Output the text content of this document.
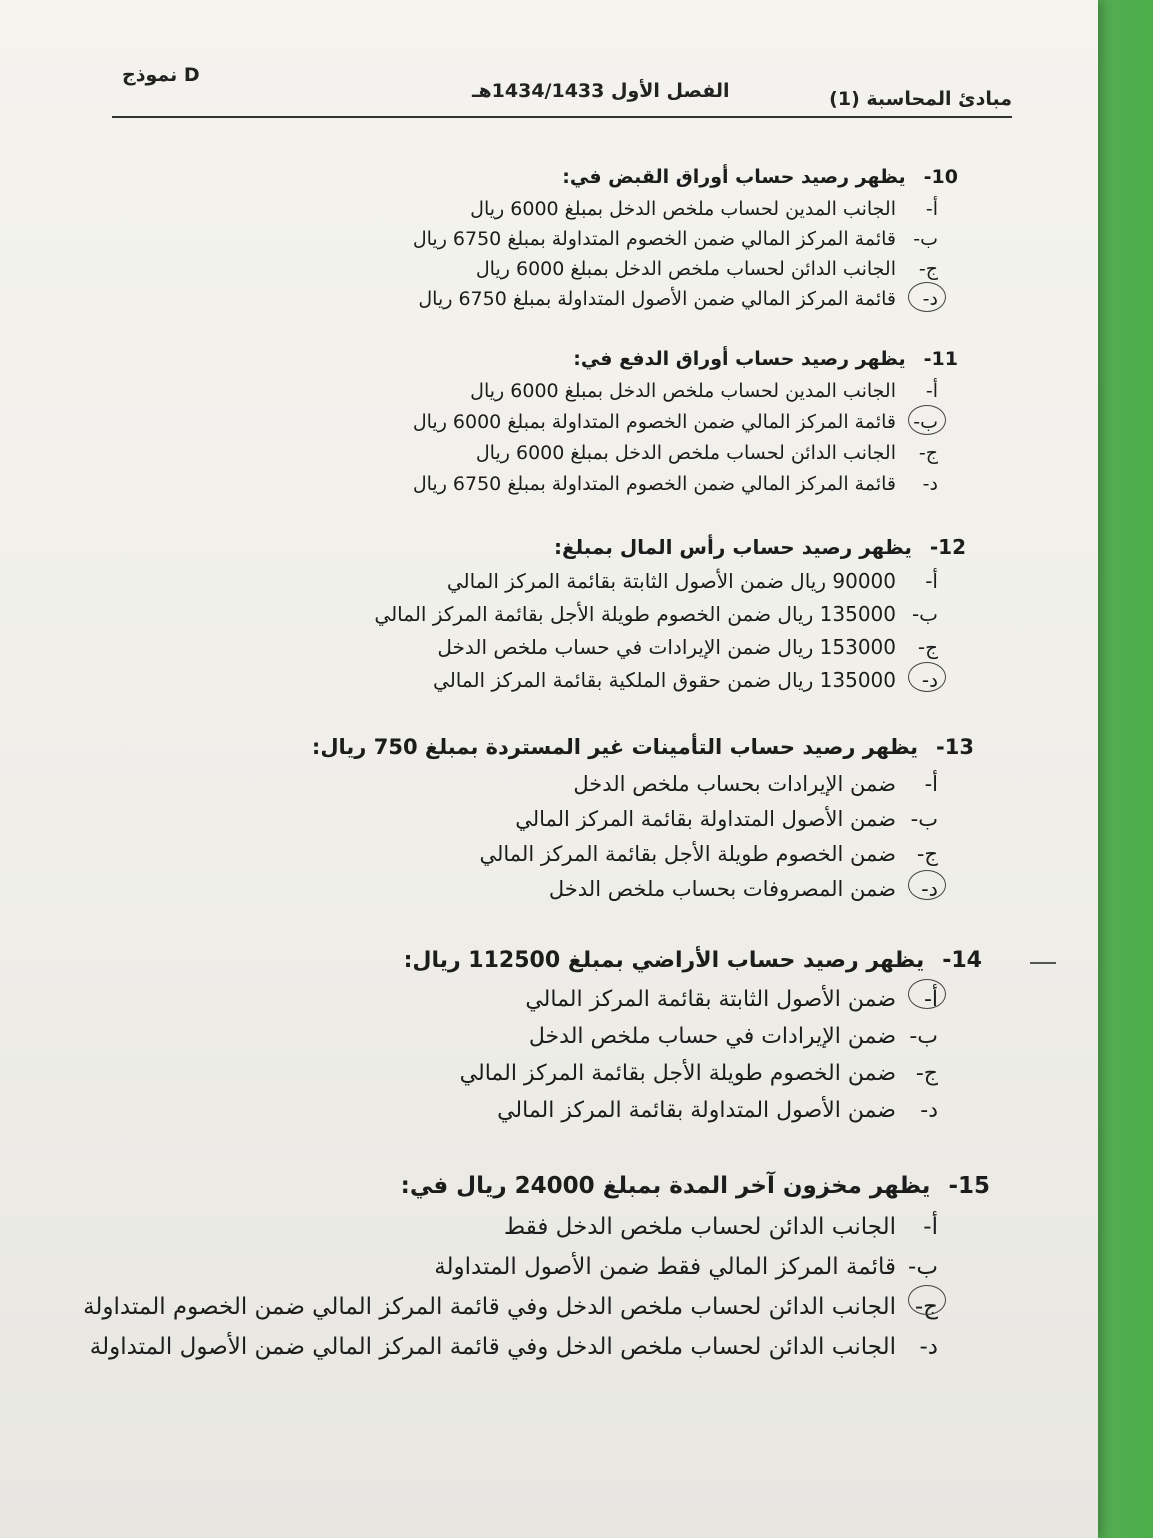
مبادئ المحاسبة (1)
الفصل الأول 1434/1433هـ
نموذج D
10-يظهر رصيد حساب أوراق القبض في:
أ-الجانب المدين لحساب ملخص الدخل بمبلغ 6000 ريال
ب-قائمة المركز المالي ضمن الخصوم المتداولة بمبلغ 6750 ريال
ج-الجانب الدائن لحساب ملخص الدخل بمبلغ 6000 ريال
د-
قائمة المركز المالي ضمن الأصول المتداولة بمبلغ 6750 ريال
11-يظهر رصيد حساب أوراق الدفع في:
أ-الجانب المدين لحساب ملخص الدخل بمبلغ 6000 ريال
ب-
قائمة المركز المالي ضمن الخصوم المتداولة بمبلغ 6000 ريال
ج-الجانب الدائن لحساب ملخص الدخل بمبلغ 6000 ريال
د-قائمة المركز المالي ضمن الخصوم المتداولة بمبلغ 6750 ريال
12-يظهر رصيد حساب رأس المال بمبلغ:
أ-90000 ريال ضمن الأصول الثابتة بقائمة المركز المالي
ب-135000 ريال ضمن الخصوم طويلة الأجل بقائمة المركز المالي
ج-153000 ريال ضمن الإيرادات في حساب ملخص الدخل
د-
135000 ريال ضمن حقوق الملكية بقائمة المركز المالي
13-يظهر رصيد حساب التأمينات غير المستردة بمبلغ 750 ريال:
أ-ضمن الإيرادات بحساب ملخص الدخل
ب-ضمن الأصول المتداولة بقائمة المركز المالي
ج-ضمن الخصوم طويلة الأجل بقائمة المركز المالي
د-
ضمن المصروفات بحساب ملخص الدخل
14-يظهر رصيد حساب الأراضي بمبلغ 112500 ريال:
أ-
ضمن الأصول الثابتة بقائمة المركز المالي
ب-ضمن الإيرادات في حساب ملخص الدخل
ج-ضمن الخصوم طويلة الأجل بقائمة المركز المالي
د-ضمن الأصول المتداولة بقائمة المركز المالي
15-يظهر مخزون آخر المدة بمبلغ 24000 ريال في:
أ-الجانب الدائن لحساب ملخص الدخل فقط
ب-قائمة المركز المالي فقط ضمن الأصول المتداولة
ج-
الجانب الدائن لحساب ملخص الدخل وفي قائمة المركز المالي ضمن الخصوم المتداولة
د-الجانب الدائن لحساب ملخص الدخل وفي قائمة المركز المالي ضمن الأصول المتداولة
